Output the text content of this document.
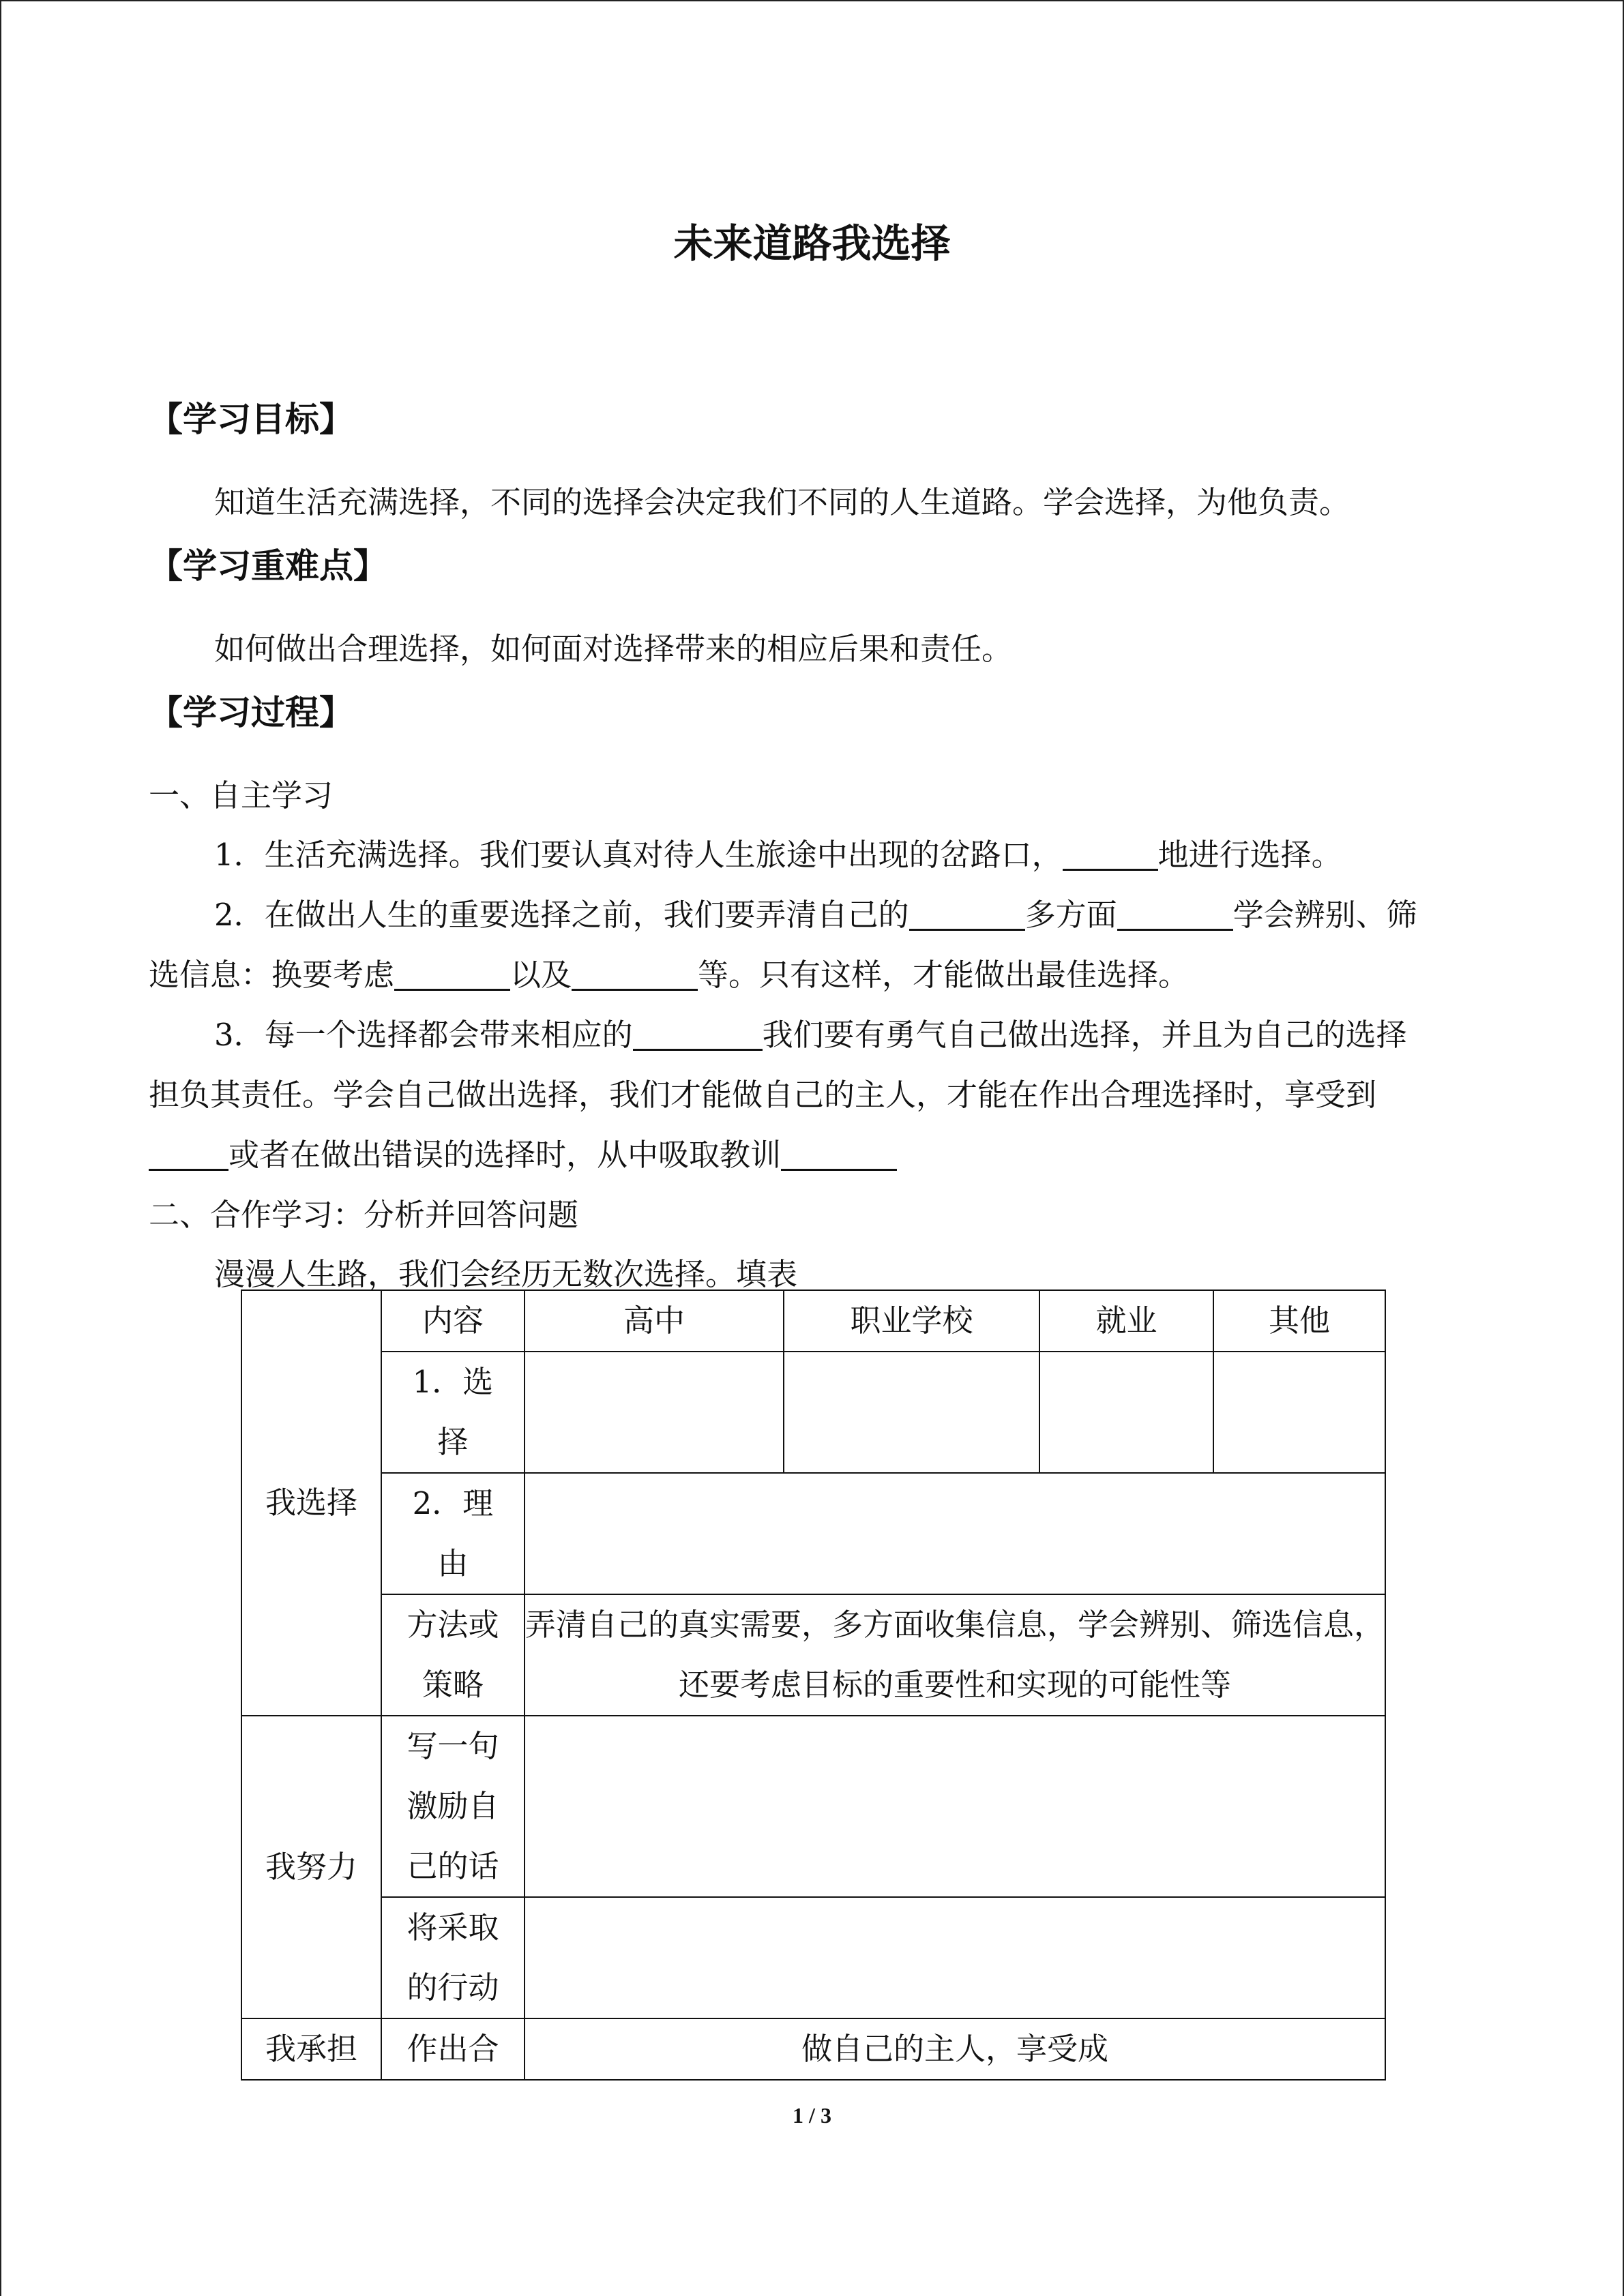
未来道路我选择
【学习目标】
知道生活充满选择，不同的选择会决定我们不同的人生道路。学会选择，为他负责。
【学习重难点】
如何做出合理选择，如何面对选择带来的相应后果和责任。
【学习过程】
一、自主学习
1．生活充满选择。我们要认真对待人生旅途中出现的岔路口，	地进行选择。
2．在做出人生的重要选择之前，我们要弄清自己的	多方面	学会辨别、筛
选信息：换要考虑	以及	等。只有这样，才能做出最佳选择。
3．每一个选择都会带来相应的	我们要有勇气自己做出选择，并且为自己的选择
担负其责任。学会自己做出选择，我们才能做自己的主人，才能在作出合理选择时，享受到
或者在做出错误的选择时，从中吸取教训
二、合作学习：分析并回答问题
漫漫人生路，我们会经历无数次选择。填表
我选择	内容	高中	职业学校	就业	其他
	1．选择				
	2．理由				
	方法或策略	弄清自己的真实需要，多方面收集信息，学会辨别、筛选信息，还要考虑目标的重要性和实现的可能性等			
我努力	写一句激励自己的话				
	将采取的行动				
我承担	作出合	做自己的主人，享受成			
1 / 3
